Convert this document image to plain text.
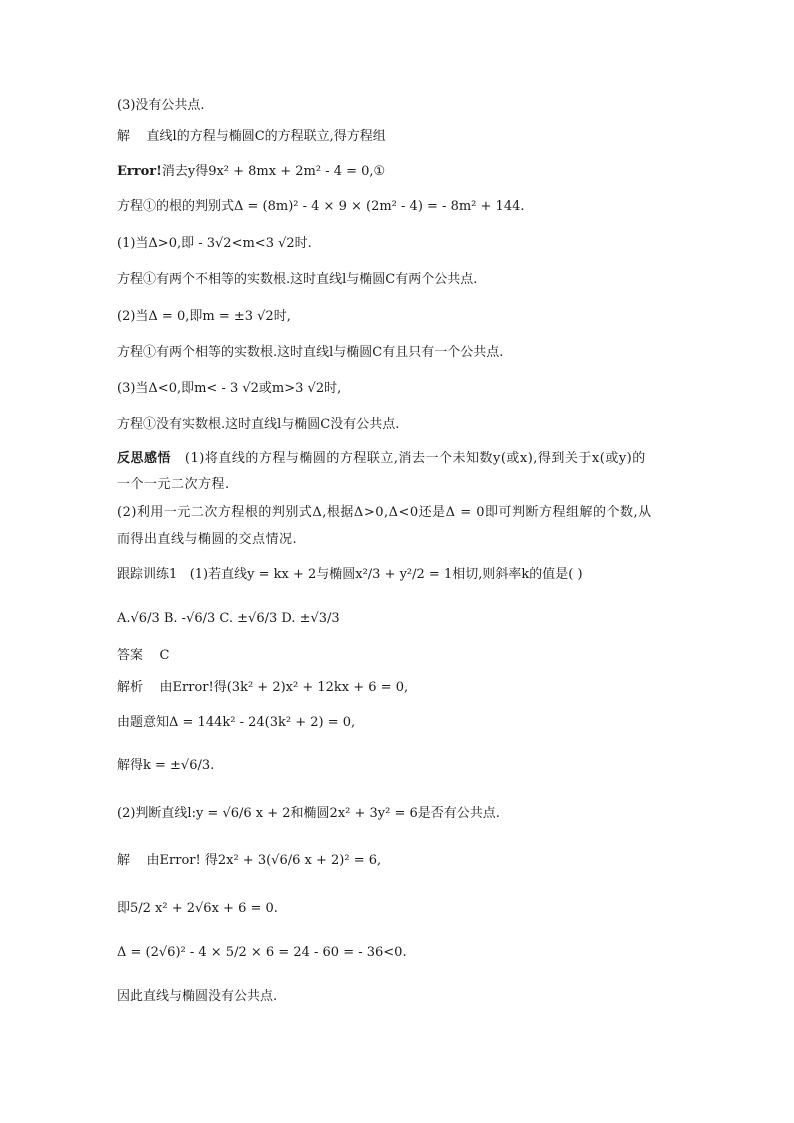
(3)没有公共点.
解 直线l的方程与椭圆C的方程联立,得方程组
Error!消去y得9x² + 8mx + 2m² - 4 = 0,①
方程①的根的判别式Δ = (8m)² - 4 × 9 × (2m² - 4) = - 8m² + 144.
(1)当Δ>0,即 - 3√2<m<3 √2时.
方程①有两个不相等的实数根.这时直线l与椭圆C有两个公共点.
(2)当Δ = 0,即m = ±3 √2时,
方程①有两个相等的实数根.这时直线l与椭圆C有且只有一个公共点.
(3)当Δ<0,即m< - 3 √2或m>3 √2时,
方程①没有实数根.这时直线l与椭圆C没有公共点.
反思感悟 (1)将直线的方程与椭圆的方程联立,消去一个未知数y(或x),得到关于x(或y)的
一个一元二次方程.
(2)利用一元二次方程根的判别式Δ,根据Δ>0,Δ<0还是Δ = 0即可判断方程组解的个数,从
而得出直线与椭圆的交点情况.
跟踪训练1 (1)若直线y = kx + 2与椭圆x²/3 + y²/2 = 1相切,则斜率k的值是( )
A.√6/3 B. -√6/3 C. ±√6/3 D. ±√3/3
答案 C
解析 由Error!得(3k² + 2)x² + 12kx + 6 = 0,
由题意知Δ = 144k² - 24(3k² + 2) = 0,
解得k = ±√6/3.
(2)判断直线l:y = √6/6 x + 2和椭圆2x² + 3y² = 6是否有公共点.
解 由Error! 得2x² + 3(√6/6 x + 2)² = 6,
即5/2 x² + 2√6x + 6 = 0.
Δ = (2√6)² - 4 × 5/2 × 6 = 24 - 60 = - 36<0.
因此直线与椭圆没有公共点.
